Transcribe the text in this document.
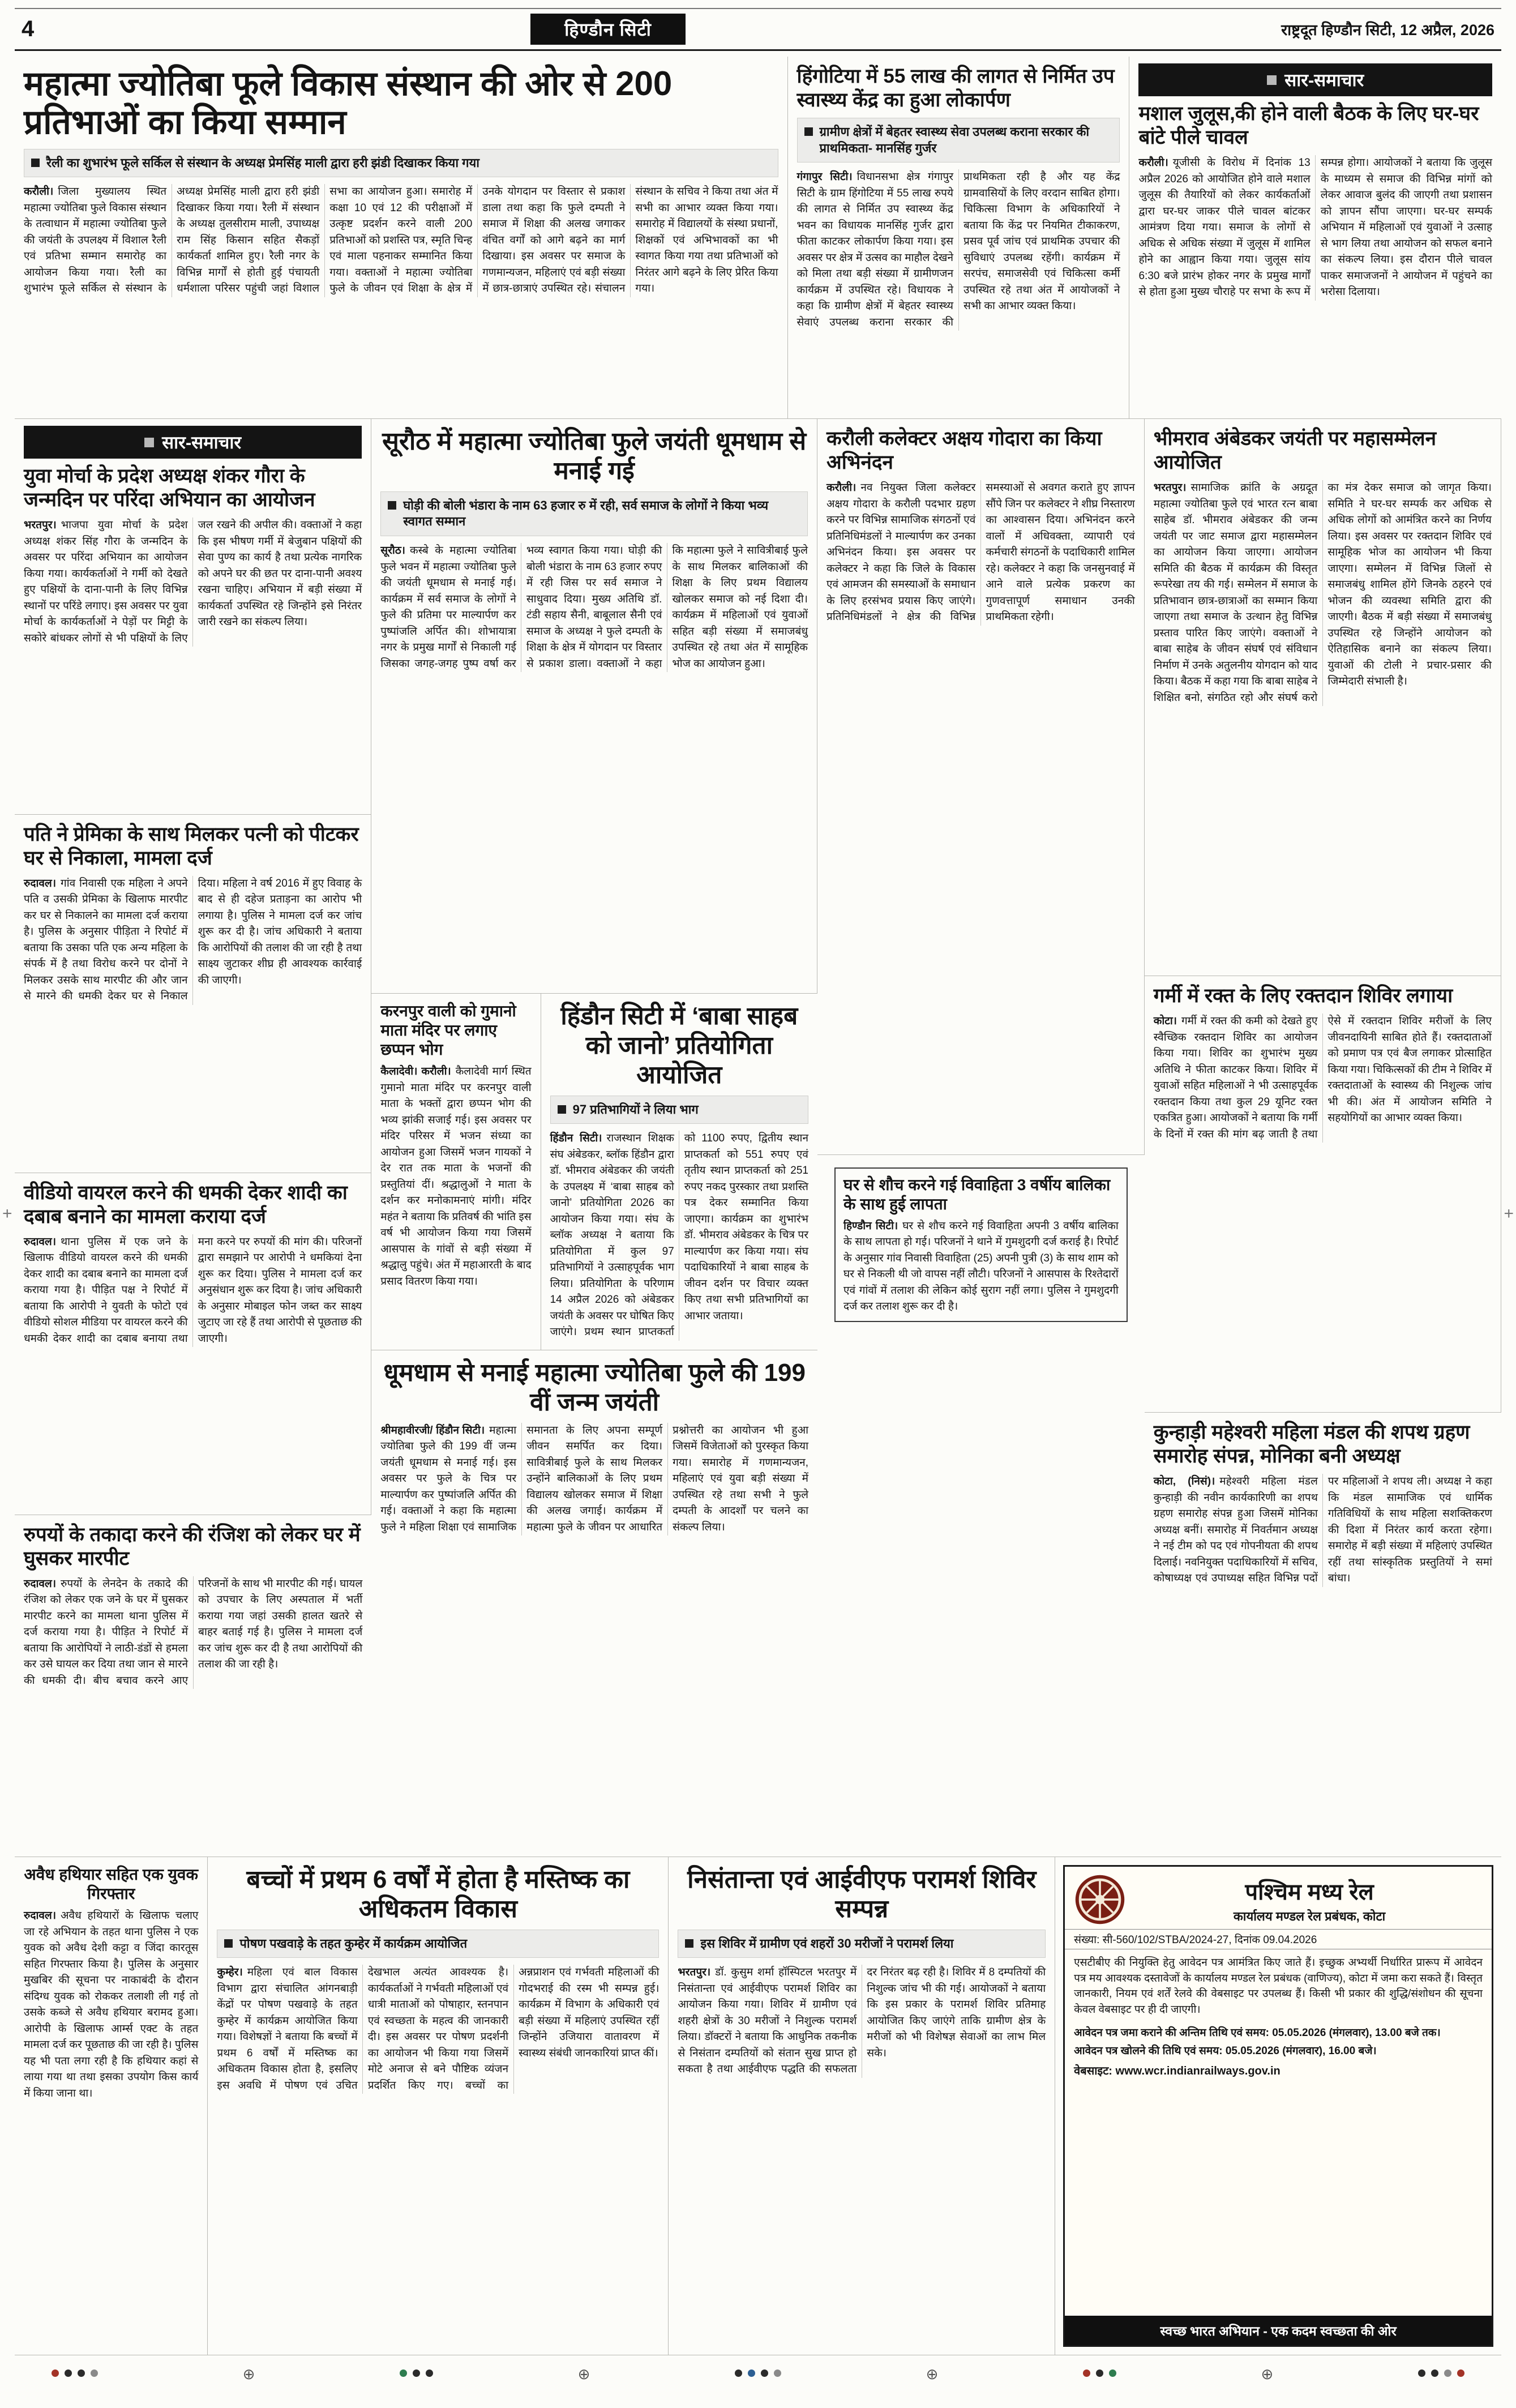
4	हिण्डौन सिटी	राष्ट्रदूत हिण्डौन सिटी, 12 अप्रैल, 2026
महात्मा ज्योतिबा फूले विकास संस्थान की ओर से 200 प्रतिभाओं का किया सम्मान
रैली का शुभारंभ फूले सर्किल से संस्थान के अध्यक्ष प्रेमसिंह माली द्वारा हरी झंडी दिखाकर किया गया

करौली। जिला मुख्यालय स्थित महात्मा ज्योतिबा फुले विकास संस्थान के तत्वाधान में महात्मा ज्योतिबा फुले की जयंती के उपलक्ष्य में विशाल रैली एवं प्रतिभा सम्मान समारोह का आयोजन किया गया। रैली का शुभारंभ फूले सर्किल से संस्थान के अध्यक्ष प्रेमसिंह माली द्वारा हरी झंडी दिखाकर किया गया। रैली में संस्थान के अध्यक्ष तुलसीराम माली, उपाध्यक्ष राम सिंह किसान सहित सैकड़ों कार्यकर्ता शामिल हुए। रैली नगर के विभिन्न मार्गों से होती हुई पंचायती धर्मशाला परिसर पहुंची जहां विशाल सभा का आयोजन हुआ। समारोह में कक्षा 10 एवं 12 की परीक्षाओं में उत्कृष्ट प्रदर्शन करने वाली 200 प्रतिभाओं को प्रशस्ति पत्र, स्मृति चिन्ह एवं माला पहनाकर सम्मानित किया गया। वक्ताओं ने महात्मा ज्योतिबा फुले के जीवन एवं शिक्षा के क्षेत्र में उनके योगदान पर विस्तार से प्रकाश डाला तथा कहा कि फुले दम्पती ने समाज में शिक्षा की अलख जगाकर वंचित वर्गों को आगे बढ़ने का मार्ग दिखाया। इस अवसर पर समाज के गणमान्यजन, महिलाएं एवं बड़ी संख्या में छात्र-छात्राएं उपस्थित रहे। संचालन संस्थान के सचिव ने किया तथा अंत में सभी का आभार व्यक्त किया गया। समारोह में विद्यालयों के संस्था प्रधानों, शिक्षकों एवं अभिभावकों का भी स्वागत किया गया तथा प्रतिभाओं को निरंतर आगे बढ़ने के लिए प्रेरित किया गया।

हिंगोटिया में 55 लाख की लागत से निर्मित उप स्वास्थ्य केंद्र का हुआ लोकार्पण
ग्रामीण क्षेत्रों में बेहतर स्वास्थ्य सेवा उपलब्ध कराना सरकार की प्राथमिकता- मानसिंह गुर्जर

गंगापुर सिटी। विधानसभा क्षेत्र गंगापुर सिटी के ग्राम हिंगोटिया में 55 लाख रुपये की लागत से निर्मित उप स्वास्थ्य केंद्र भवन का विधायक मानसिंह गुर्जर द्वारा फीता काटकर लोकार्पण किया गया। इस अवसर पर क्षेत्र में उत्सव का माहौल देखने को मिला तथा बड़ी संख्या में ग्रामीणजन कार्यक्रम में उपस्थित रहे। विधायक ने कहा कि ग्रामीण क्षेत्रों में बेहतर स्वास्थ्य सेवाएं उपलब्ध कराना सरकार की प्राथमिकता रही है और यह केंद्र ग्रामवासियों के लिए वरदान साबित होगा। चिकित्सा विभाग के अधिकारियों ने बताया कि केंद्र पर नियमित टीकाकरण, प्रसव पूर्व जांच एवं प्राथमिक उपचार की सुविधाएं उपलब्ध रहेंगी। कार्यक्रम में सरपंच, समाजसेवी एवं चिकित्सा कर्मी उपस्थित रहे तथा अंत में आयोजकों ने सभी का आभार व्यक्त किया।

सार-समाचार
मशाल जुलूस,की होने वाली बैठक के लिए घर-घर बांटे पीले चावल

करौली। यूजीसी के विरोध में दिनांक 13 अप्रैल 2026 को आयोजित होने वाले मशाल जुलूस की तैयारियों को लेकर कार्यकर्ताओं द्वारा घर-घर जाकर पीले चावल बांटकर आमंत्रण दिया गया। समाज के लोगों से अधिक से अधिक संख्या में जुलूस में शामिल होने का आह्वान किया गया। जुलूस सांय 6:30 बजे प्रारंभ होकर नगर के प्रमुख मार्गों से होता हुआ मुख्य चौराहे पर सभा के रूप में सम्पन्न होगा। आयोजकों ने बताया कि जुलूस के माध्यम से समाज की विभिन्न मांगों को लेकर आवाज बुलंद की जाएगी तथा प्रशासन को ज्ञापन सौंपा जाएगा। घर-घर सम्पर्क अभियान में महिलाओं एवं युवाओं ने उत्साह से भाग लिया तथा आयोजन को सफल बनाने का संकल्प लिया। इस दौरान पीले चावल पाकर समाजजनों ने आयोजन में पहुंचने का भरोसा दिलाया।

सार-समाचार
युवा मोर्चा के प्रदेश अध्यक्ष शंकर गौरा के जन्मदिन पर परिंदा अभियान का आयोजन

भरतपुर। भाजपा युवा मोर्चा के प्रदेश अध्यक्ष शंकर सिंह गौरा के जन्मदिन के अवसर पर परिंदा अभियान का आयोजन किया गया। कार्यकर्ताओं ने गर्मी को देखते हुए पक्षियों के दाना-पानी के लिए विभिन्न स्थानों पर परिंडे लगाए। इस अवसर पर युवा मोर्चा के कार्यकर्ताओं ने पेड़ों पर मिट्टी के सकोरे बांधकर लोगों से भी पक्षियों के लिए जल रखने की अपील की। वक्ताओं ने कहा कि इस भीषण गर्मी में बेजुबान पक्षियों की सेवा पुण्य का कार्य है तथा प्रत्येक नागरिक को अपने घर की छत पर दाना-पानी अवश्य रखना चाहिए। अभियान में बड़ी संख्या में कार्यकर्ता उपस्थित रहे जिन्होंने इसे निरंतर जारी रखने का संकल्प लिया।

पति ने प्रेमिका के साथ मिलकर पत्नी को पीटकर घर से निकाला, मामला दर्ज

रुदावल। गांव निवासी एक महिला ने अपने पति व उसकी प्रेमिका के खिलाफ मारपीट कर घर से निकालने का मामला दर्ज कराया है। पुलिस के अनुसार पीड़िता ने रिपोर्ट में बताया कि उसका पति एक अन्य महिला के संपर्क में है तथा विरोध करने पर दोनों ने मिलकर उसके साथ मारपीट की और जान से मारने की धमकी देकर घर से निकाल दिया। महिला ने वर्ष 2016 में हुए विवाह के बाद से ही दहेज प्रताड़ना का आरोप भी लगाया है। पुलिस ने मामला दर्ज कर जांच शुरू कर दी है। जांच अधिकारी ने बताया कि आरोपियों की तलाश की जा रही है तथा साक्ष्य जुटाकर शीघ्र ही आवश्यक कार्रवाई की जाएगी।

वीडियो वायरल करने की धमकी देकर शादी का दबाब बनाने का मामला कराया दर्ज

रुदावल। थाना पुलिस में एक जने के खिलाफ वीडियो वायरल करने की धमकी देकर शादी का दबाब बनाने का मामला दर्ज कराया गया है। पीड़ित पक्ष ने रिपोर्ट में बताया कि आरोपी ने युवती के फोटो एवं वीडियो सोशल मीडिया पर वायरल करने की धमकी देकर शादी का दबाब बनाया तथा मना करने पर रुपयों की मांग की। परिजनों द्वारा समझाने पर आरोपी ने धमकियां देना शुरू कर दिया। पुलिस ने मामला दर्ज कर अनुसंधान शुरू कर दिया है। जांच अधिकारी के अनुसार मोबाइल फोन जब्त कर साक्ष्य जुटाए जा रहे हैं तथा आरोपी से पूछताछ की जाएगी।

रुपयों के तकादा करने की रंजिश को लेकर घर में घुसकर मारपीट

रुदावल। रुपयों के लेनदेन के तकादे की रंजिश को लेकर एक जने के घर में घुसकर मारपीट करने का मामला थाना पुलिस में दर्ज कराया गया है। पीड़ित ने रिपोर्ट में बताया कि आरोपियों ने लाठी-डंडों से हमला कर उसे घायल कर दिया तथा जान से मारने की धमकी दी। बीच बचाव करने आए परिजनों के साथ भी मारपीट की गई। घायल को उपचार के लिए अस्पताल में भर्ती कराया गया जहां उसकी हालत खतरे से बाहर बताई गई है। पुलिस ने मामला दर्ज कर जांच शुरू कर दी है तथा आरोपियों की तलाश की जा रही है।

सूरौठ में महात्मा ज्योतिबा फुले जयंती धूमधाम से मनाई गई
घोड़ी की बोली भंडारा के नाम 63 हजार रु में रही, सर्व समाज के लोगों ने किया भव्य स्वागत सम्मान

सूरौठ। कस्बे के महात्मा ज्योतिबा फुले भवन में महात्मा ज्योतिबा फुले की जयंती धूमधाम से मनाई गई। कार्यक्रम में सर्व समाज के लोगों ने फुले की प्रतिमा पर माल्यार्पण कर पुष्पांजलि अर्पित की। शोभायात्रा नगर के प्रमुख मार्गों से निकाली गई जिसका जगह-जगह पुष्प वर्षा कर भव्य स्वागत किया गया। घोड़ी की बोली भंडारा के नाम 63 हजार रुपए में रही जिस पर सर्व समाज ने साधुवाद दिया। मुख्य अतिथि डॉ. टंडी सहाय सैनी, बाबूलाल सैनी एवं समाज के अध्यक्ष ने फुले दम्पती के शिक्षा के क्षेत्र में योगदान पर विस्तार से प्रकाश डाला। वक्ताओं ने कहा कि महात्मा फुले ने सावित्रीबाई फुले के साथ मिलकर बालिकाओं की शिक्षा के लिए प्रथम विद्यालय खोलकर समाज को नई दिशा दी। कार्यक्रम में महिलाओं एवं युवाओं सहित बड़ी संख्या में समाजबंधु उपस्थित रहे तथा अंत में सामूहिक भोज का आयोजन हुआ।

करनपुर वाली को गुमानो माता मंदिर पर लगाए छप्पन भोग

कैलादेवी। करौली। कैलादेवी मार्ग स्थित गुमानो माता मंदिर पर करनपुर वाली माता के भक्तों द्वारा छप्पन भोग की भव्य झांकी सजाई गई। इस अवसर पर मंदिर परिसर में भजन संध्या का आयोजन हुआ जिसमें भजन गायकों ने देर रात तक माता के भजनों की प्रस्तुतियां दीं। श्रद्धालुओं ने माता के दर्शन कर मनोकामनाएं मांगी। मंदिर महंत ने बताया कि प्रतिवर्ष की भांति इस वर्ष भी आयोजन किया गया जिसमें आसपास के गांवों से बड़ी संख्या में श्रद्धालु पहुंचे। अंत में महाआरती के बाद प्रसाद वितरण किया गया।

हिंडौन सिटी में ‘बाबा साहब को जानो’ प्रतियोगिता आयोजित
97 प्रतिभागियों ने लिया भाग

हिंडौन सिटी। राजस्थान शिक्षक संघ अंबेडकर, ब्लॉक हिंडौन द्वारा डॉ. भीमराव अंबेडकर की जयंती के उपलक्ष्य में ‘बाबा साहब को जानो’ प्रतियोगिता 2026 का आयोजन किया गया। संघ के ब्लॉक अध्यक्ष ने बताया कि प्रतियोगिता में कुल 97 प्रतिभागियों ने उत्साहपूर्वक भाग लिया। प्रतियोगिता के परिणाम 14 अप्रैल 2026 को अंबेडकर जयंती के अवसर पर घोषित किए जाएंगे। प्रथम स्थान प्राप्तकर्ता को 1100 रुपए, द्वितीय स्थान प्राप्तकर्ता को 551 रुपए एवं तृतीय स्थान प्राप्तकर्ता को 251 रुपए नकद पुरस्कार तथा प्रशस्ति पत्र देकर सम्मानित किया जाएगा। कार्यक्रम का शुभारंभ डॉ. भीमराव अंबेडकर के चित्र पर माल्यार्पण कर किया गया। संघ पदाधिकारियों ने बाबा साहब के जीवन दर्शन पर विचार व्यक्त किए तथा सभी प्रतिभागियों का आभार जताया।

धूमधाम से मनाई महात्मा ज्योतिबा फुले की 199 वीं जन्म जयंती

श्रीमहावीरजी/ हिंडौन सिटी। महात्मा ज्योतिबा फुले की 199 वीं जन्म जयंती धूमधाम से मनाई गई। इस अवसर पर फुले के चित्र पर माल्यार्पण कर पुष्पांजलि अर्पित की गई। वक्ताओं ने कहा कि महात्मा फुले ने महिला शिक्षा एवं सामाजिक समानता के लिए अपना सम्पूर्ण जीवन समर्पित कर दिया। सावित्रीबाई फुले के साथ मिलकर उन्होंने बालिकाओं के लिए प्रथम विद्यालय खोलकर समाज में शिक्षा की अलख जगाई। कार्यक्रम में महात्मा फुले के जीवन पर आधारित प्रश्नोत्तरी का आयोजन भी हुआ जिसमें विजेताओं को पुरस्कृत किया गया। समारोह में गणमान्यजन, महिलाएं एवं युवा बड़ी संख्या में उपस्थित रहे तथा सभी ने फुले दम्पती के आदर्शों पर चलने का संकल्प लिया।

करौली कलेक्टर अक्षय गोदारा का किया अभिनंदन

करौली। नव नियुक्त जिला कलेक्टर अक्षय गोदारा के करौली पदभार ग्रहण करने पर विभिन्न सामाजिक संगठनों एवं प्रतिनिधिमंडलों ने माल्यार्पण कर उनका अभिनंदन किया। इस अवसर पर कलेक्टर ने कहा कि जिले के विकास एवं आमजन की समस्याओं के समाधान के लिए हरसंभव प्रयास किए जाएंगे। प्रतिनिधिमंडलों ने क्षेत्र की विभिन्न समस्याओं से अवगत कराते हुए ज्ञापन सौंपे जिन पर कलेक्टर ने शीघ्र निस्तारण का आश्वासन दिया। अभिनंदन करने वालों में अधिवक्ता, व्यापारी एवं कर्मचारी संगठनों के पदाधिकारी शामिल रहे। कलेक्टर ने कहा कि जनसुनवाई में आने वाले प्रत्येक प्रकरण का गुणवत्तापूर्ण समाधान उनकी प्राथमिकता रहेगी।

घर से शौच करने गई विवाहिता 3 वर्षीय बालिका के साथ हुई लापता

हिण्डौन सिटी। घर से शौच करने गई विवाहिता अपनी 3 वर्षीय बालिका के साथ लापता हो गई। परिजनों ने थाने में गुमशुदगी दर्ज कराई है। रिपोर्ट के अनुसार गांव निवासी विवाहिता (25) अपनी पुत्री (3) के साथ शाम को घर से निकली थी जो वापस नहीं लौटी। परिजनों ने आसपास के रिश्तेदारों एवं गांवों में तलाश की लेकिन कोई सुराग नहीं लगा। पुलिस ने गुमशुदगी दर्ज कर तलाश शुरू कर दी है।

भीमराव अंबेडकर जयंती पर महासम्मेलन आयोजित

भरतपुर। सामाजिक क्रांति के अग्रदूत महात्मा ज्योतिबा फुले एवं भारत रत्न बाबा साहेब डॉ. भीमराव अंबेडकर की जन्म जयंती पर जाट समाज द्वारा महासम्मेलन का आयोजन किया जाएगा। आयोजन समिति की बैठक में कार्यक्रम की विस्तृत रूपरेखा तय की गई। सम्मेलन में समाज के प्रतिभावान छात्र-छात्राओं का सम्मान किया जाएगा तथा समाज के उत्थान हेतु विभिन्न प्रस्ताव पारित किए जाएंगे। वक्ताओं ने बाबा साहेब के जीवन संघर्ष एवं संविधान निर्माण में उनके अतुलनीय योगदान को याद किया। बैठक में कहा गया कि बाबा साहेब ने शिक्षित बनो, संगठित रहो और संघर्ष करो का मंत्र देकर समाज को जागृत किया। समिति ने घर-घर सम्पर्क कर अधिक से अधिक लोगों को आमंत्रित करने का निर्णय लिया। इस अवसर पर रक्तदान शिविर एवं सामूहिक भोज का आयोजन भी किया जाएगा। सम्मेलन में विभिन्न जिलों से समाजबंधु शामिल होंगे जिनके ठहरने एवं भोजन की व्यवस्था समिति द्वारा की जाएगी। बैठक में बड़ी संख्या में समाजबंधु उपस्थित रहे जिन्होंने आयोजन को ऐतिहासिक बनाने का संकल्प लिया। युवाओं की टोली ने प्रचार-प्रसार की जिम्मेदारी संभाली है।

गर्मी में रक्त के लिए रक्तदान शिविर लगाया

कोटा। गर्मी में रक्त की कमी को देखते हुए स्वैच्छिक रक्तदान शिविर का आयोजन किया गया। शिविर का शुभारंभ मुख्य अतिथि ने फीता काटकर किया। शिविर में युवाओं सहित महिलाओं ने भी उत्साहपूर्वक रक्तदान किया तथा कुल 29 यूनिट रक्त एकत्रित हुआ। आयोजकों ने बताया कि गर्मी के दिनों में रक्त की मांग बढ़ जाती है तथा ऐसे में रक्तदान शिविर मरीजों के लिए जीवनदायिनी साबित होते हैं। रक्तदाताओं को प्रमाण पत्र एवं बैज लगाकर प्रोत्साहित किया गया। चिकित्सकों की टीम ने शिविर में रक्तदाताओं के स्वास्थ्य की निशुल्क जांच भी की। अंत में आयोजन समिति ने सहयोगियों का आभार व्यक्त किया।

कुन्हाड़ी महेश्वरी महिला मंडल की शपथ ग्रहण समारोह संपन्न, मोनिका बनी अध्यक्ष

कोटा, (निसं)। महेश्वरी महिला मंडल कुन्हाड़ी की नवीन कार्यकारिणी का शपथ ग्रहण समारोह संपन्न हुआ जिसमें मोनिका अध्यक्ष बनीं। समारोह में निवर्तमान अध्यक्ष ने नई टीम को पद एवं गोपनीयता की शपथ दिलाई। नवनियुक्त पदाधिकारियों में सचिव, कोषाध्यक्ष एवं उपाध्यक्ष सहित विभिन्न पदों पर महिलाओं ने शपथ ली। अध्यक्ष ने कहा कि मंडल सामाजिक एवं धार्मिक गतिविधियों के साथ महिला सशक्तिकरण की दिशा में निरंतर कार्य करता रहेगा। समारोह में बड़ी संख्या में महिलाएं उपस्थित रहीं तथा सांस्कृतिक प्रस्तुतियों ने समां बांधा।

अवैध हथियार सहित एक युवक गिरफ्तार

रुदावल। अवैध हथियारों के खिलाफ चलाए जा रहे अभियान के तहत थाना पुलिस ने एक युवक को अवैध देशी कट्टा व जिंदा कारतूस सहित गिरफ्तार किया है। पुलिस के अनुसार मुखबिर की सूचना पर नाकाबंदी के दौरान संदिग्ध युवक को रोककर तलाशी ली गई तो उसके कब्जे से अवैध हथियार बरामद हुआ। आरोपी के खिलाफ आर्म्स एक्ट के तहत मामला दर्ज कर पूछताछ की जा रही है। पुलिस यह भी पता लगा रही है कि हथियार कहां से लाया गया था तथा इसका उपयोग किस कार्य में किया जाना था।

बच्चों में प्रथम 6 वर्षों में होता है मस्तिष्क का अधिकतम विकास
पोषण पखवाड़े के तहत कुम्हेर में कार्यक्रम आयोजित

कुम्हेर। महिला एवं बाल विकास विभाग द्वारा संचालित आंगनबाड़ी केंद्रों पर पोषण पखवाड़े के तहत कुम्हेर में कार्यक्रम आयोजित किया गया। विशेषज्ञों ने बताया कि बच्चों में प्रथम 6 वर्षों में मस्तिष्क का अधिकतम विकास होता है, इसलिए इस अवधि में पोषण एवं उचित देखभाल अत्यंत आवश्यक है। कार्यकर्ताओं ने गर्भवती महिलाओं एवं धात्री माताओं को पोषाहार, स्तनपान एवं स्वच्छता के महत्व की जानकारी दी। इस अवसर पर पोषण प्रदर्शनी का आयोजन भी किया गया जिसमें मोटे अनाज से बने पौष्टिक व्यंजन प्रदर्शित किए गए। बच्चों का अन्नप्राशन एवं गर्भवती महिलाओं की गोदभराई की रस्म भी सम्पन्न हुई। कार्यक्रम में विभाग के अधिकारी एवं बड़ी संख्या में महिलाएं उपस्थित रहीं जिन्होंने उजियारा वातावरण में स्वास्थ्य संबंधी जानकारियां प्राप्त कीं।

निसंतान्ता एवं आईवीएफ परामर्श शिविर सम्पन्न
इस शिविर में ग्रामीण एवं शहरों 30 मरीजों ने परामर्श लिया

भरतपुर। डॉ. कुसुम शर्मा हॉस्पिटल भरतपुर में निसंतान्ता एवं आईवीएफ परामर्श शिविर का आयोजन किया गया। शिविर में ग्रामीण एवं शहरी क्षेत्रों के 30 मरीजों ने निशुल्क परामर्श लिया। डॉक्टरों ने बताया कि आधुनिक तकनीक से निसंतान दम्पतियों को संतान सुख प्राप्त हो सकता है तथा आईवीएफ पद्धति की सफलता दर निरंतर बढ़ रही है। शिविर में 8 दम्पतियों की निशुल्क जांच भी की गई। आयोजकों ने बताया कि इस प्रकार के परामर्श शिविर प्रतिमाह आयोजित किए जाएंगे ताकि ग्रामीण क्षेत्र के मरीजों को भी विशेषज्ञ सेवाओं का लाभ मिल सके।

पश्चिम मध्य रेल
कार्यालय मण्डल रेल प्रबंधक, कोटा
संख्या: सी-560/102/STBA/2024-27, दिनांक 09.04.2026

एसटीबीए की नियुक्ति हेतु आवेदन पत्र आमंत्रित किए जाते हैं। इच्छुक अभ्यर्थी निर्धारित प्रारूप में आवेदन पत्र मय आवश्यक दस्तावेजों के कार्यालय मण्डल रेल प्रबंधक (वाणिज्य), कोटा में जमा करा सकते हैं। विस्तृत जानकारी, नियम एवं शर्तें रेलवे की वेबसाइट पर उपलब्ध हैं। किसी भी प्रकार की शुद्धि/संशोधन की सूचना केवल वेबसाइट पर ही दी जाएगी।

आवेदन पत्र जमा कराने की अन्तिम तिथि एवं समय: 05.05.2026 (मंगलवार), 13.00 बजे तक।

आवेदन पत्र खोलने की तिथि एवं समय: 05.05.2026 (मंगलवार), 16.00 बजे।

वेबसाइट: www.wcr.indianrailways.gov.in

स्वच्छ भारत अभियान - एक कदम स्वच्छता की ओर
⊕	⊕	⊕	⊕
+	+
